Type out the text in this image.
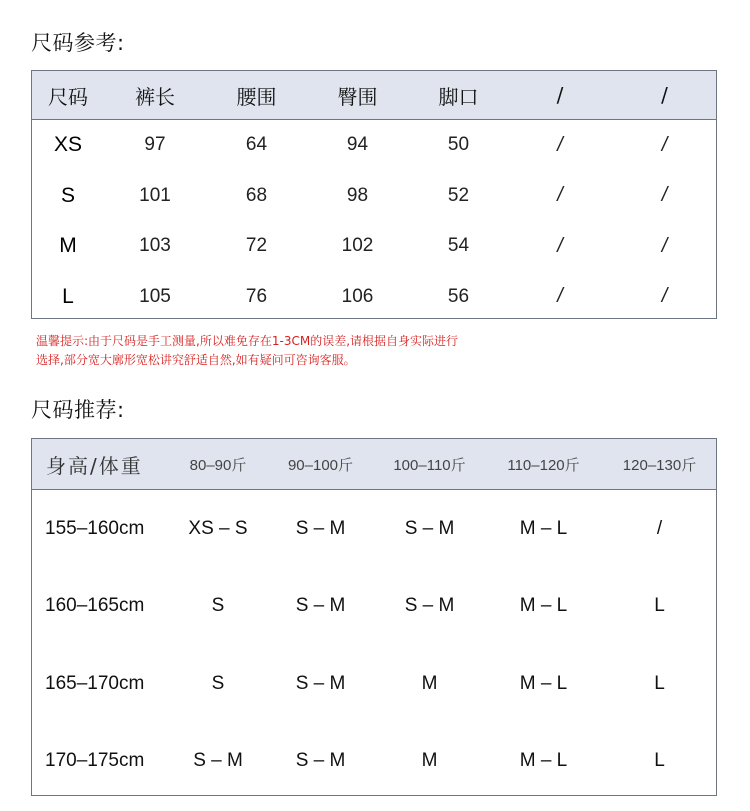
尺码参考:
尺码	裤长	腰围	臀围	脚口	/	/
XS	97	64	94	50	/	/
S	101	68	98	52	/	/
M	103	72	102	54	/	/
L	105	76	106	56	/	/
温馨提示:由于尺码是手工测量,所以难免存在1-3CM的误差,请根据自身实际进行
选择,部分宽大廓形宽松讲究舒适自然,如有疑问可咨询客服。
尺码推荐:
身高/体重	80–90斤	90–100斤	100–110斤	110–120斤	120–130斤
155–160cm	XS – S	S – M	S – M	M – L	/
160–165cm	S	S – M	S – M	M – L	L
165–170cm	S	S – M	M	M – L	L
170–175cm	S – M	S – M	M	M – L	L
